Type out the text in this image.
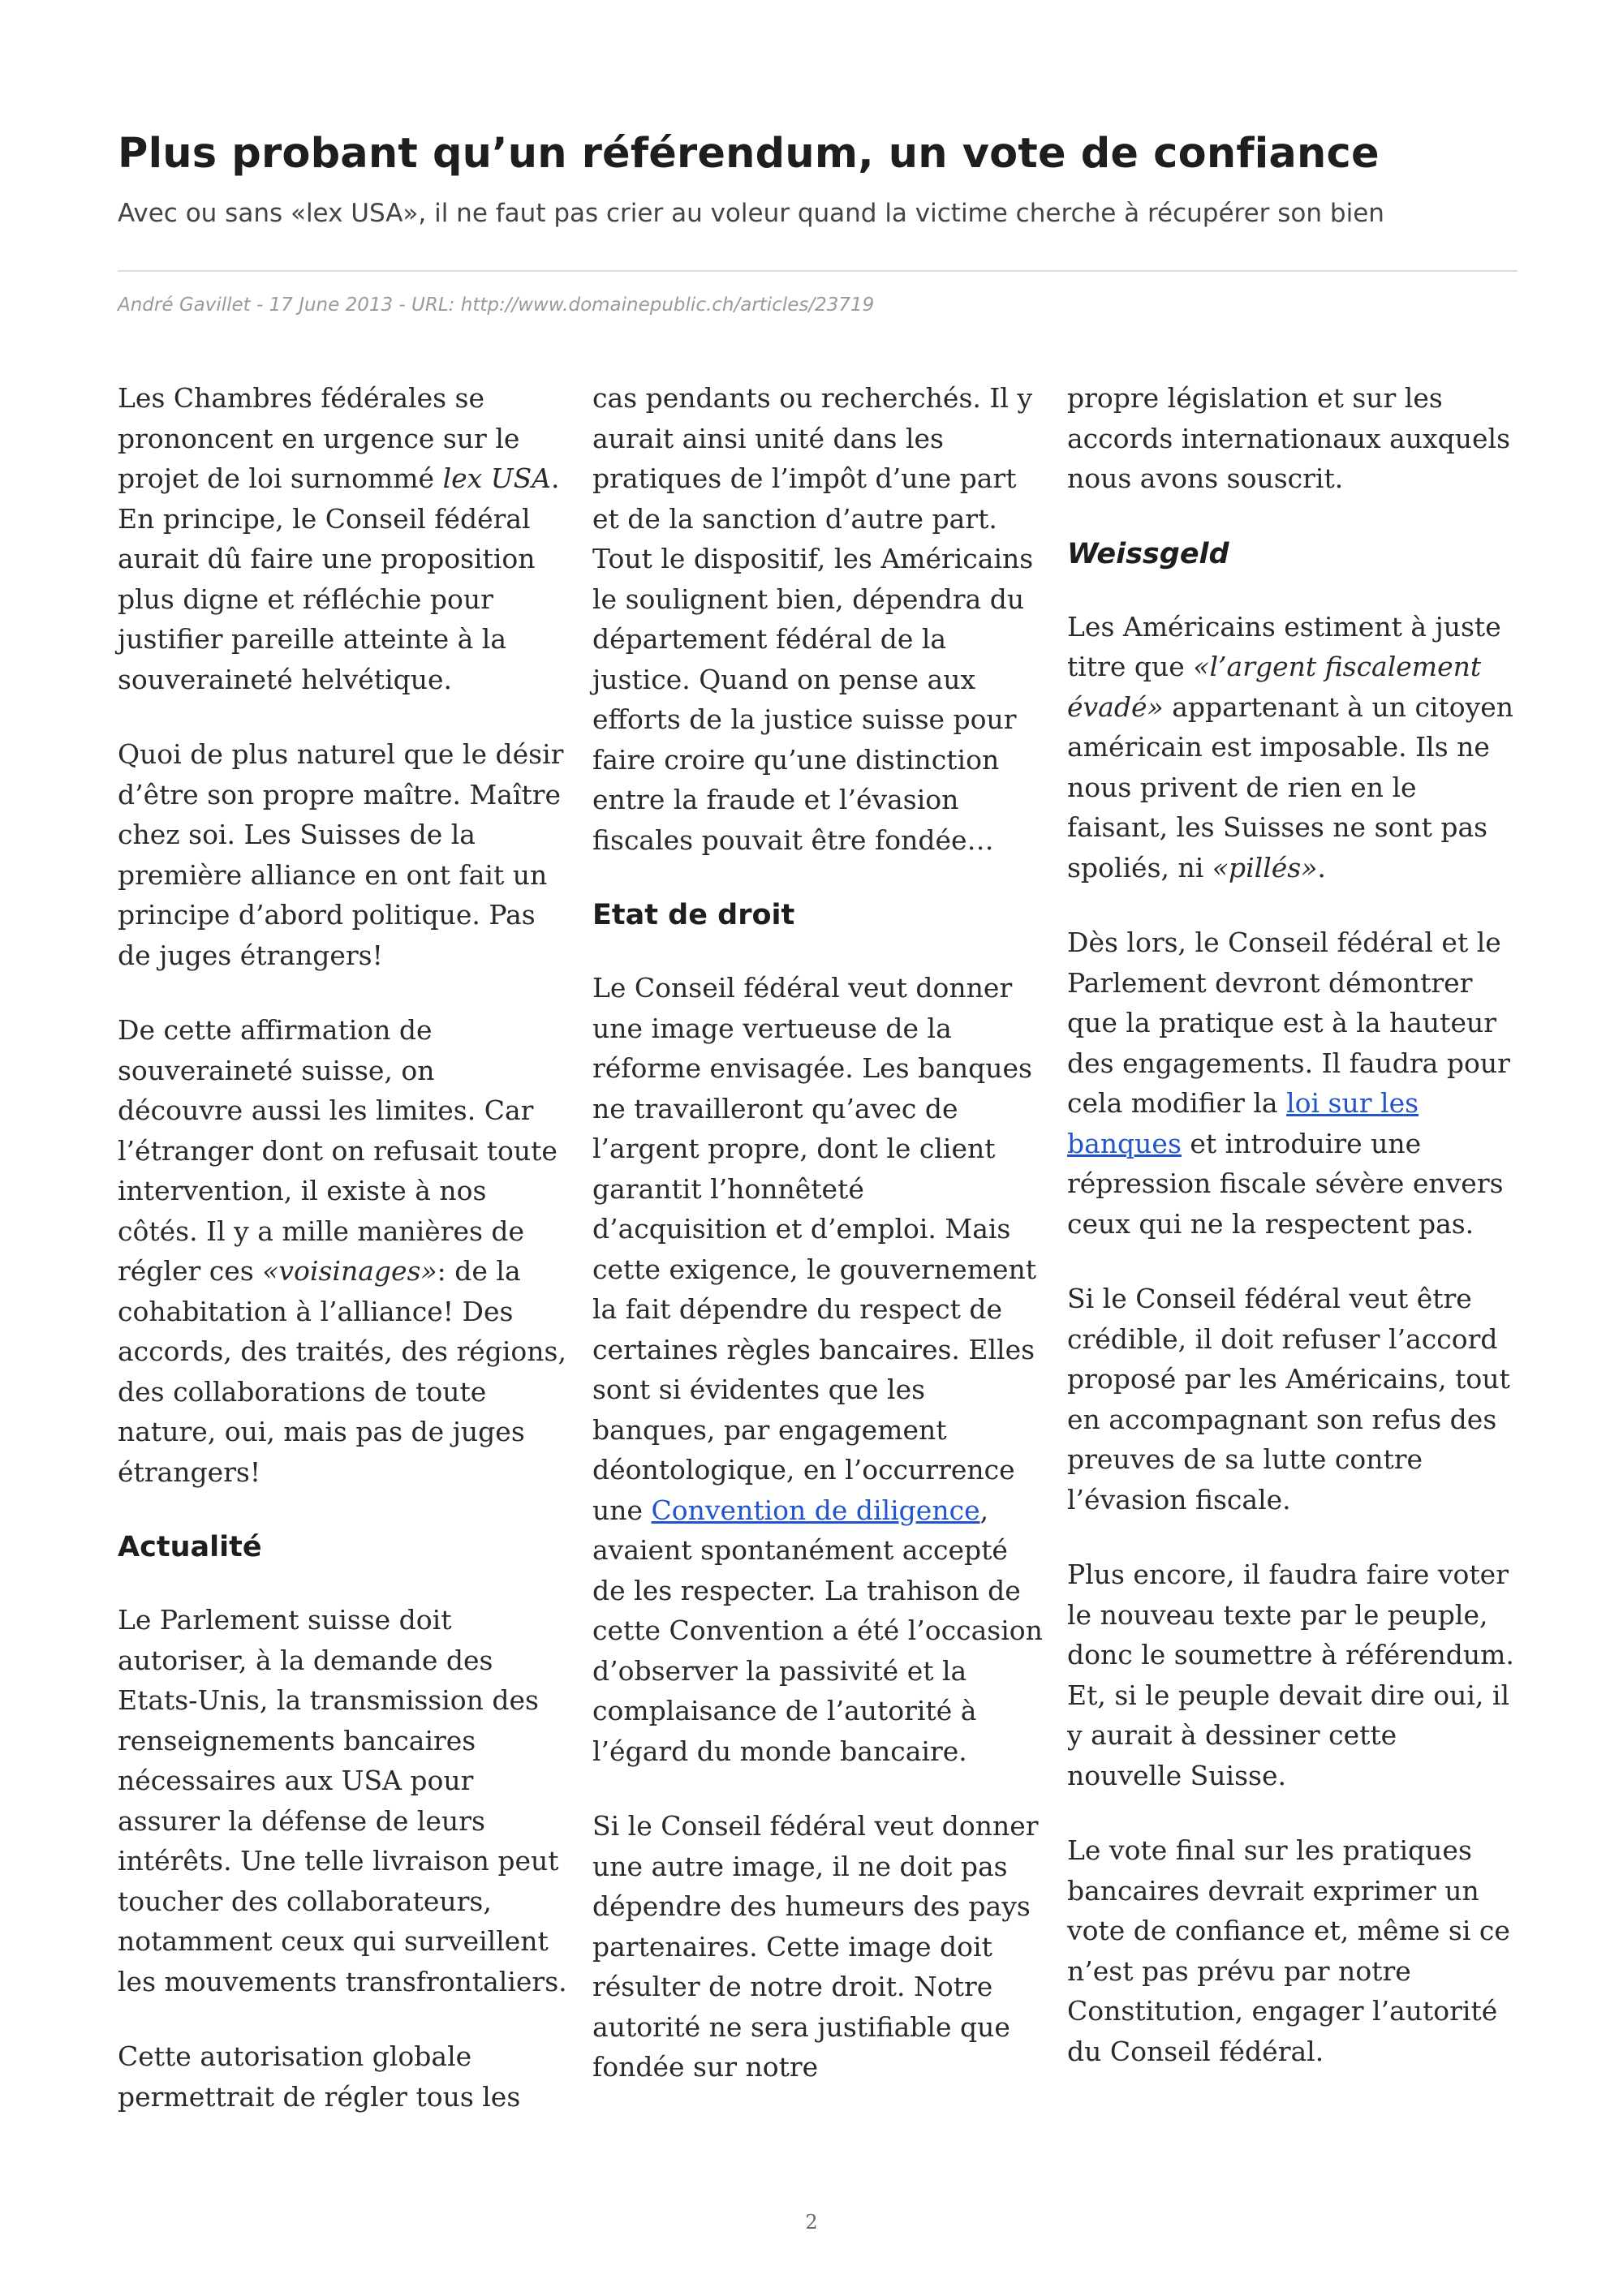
Plus probant qu’un référendum, un vote de confiance

Avec ou sans «lex USA», il ne faut pas crier au voleur quand la victime cherche à récupérer son bien

André Gavillet - 17 June 2013 - URL: http://www.domainepublic.ch/articles/23719

Les Chambres fédérales se prononcent en urgence sur le projet de loi surnommé lex USA. En principe, le Conseil fédéral aurait dû faire une proposition plus digne et réfléchie pour justifier pareille atteinte à la souveraineté helvétique.

Quoi de plus naturel que le désir d’être son propre maître. Maître chez soi. Les Suisses de la première alliance en ont fait un principe d’abord politique. Pas de juges étrangers!

De cette affirmation de souveraineté suisse, on découvre aussi les limites. Car l’étranger dont on refusait toute intervention, il existe à nos côtés. Il y a mille manières de régler ces «voisinages»: de la cohabitation à l’alliance! Des accords, des traités, des régions, des collaborations de toute nature, oui, mais pas de juges étrangers!

Actualité

Le Parlement suisse doit autoriser, à la demande des Etats-Unis, la transmission des renseignements bancaires nécessaires aux USA pour assurer la défense de leurs intérêts. Une telle livraison peut toucher des collaborateurs, notamment ceux qui surveillent les mouvements transfrontaliers.

Cette autorisation globale permettrait de régler tous les

cas pendants ou recherchés. Il y aurait ainsi unité dans les pratiques de l’impôt d’une part et de la sanction d’autre part. Tout le dispositif, les Américains le soulignent bien, dépendra du département fédéral de la justice. Quand on pense aux efforts de la justice suisse pour faire croire qu’une distinction entre la fraude et l’évasion fiscales pouvait être fondée…

Etat de droit

Le Conseil fédéral veut donner une image vertueuse de la réforme envisagée. Les banques ne travailleront qu’avec de l’argent propre, dont le client garantit l’honnêteté d’acquisition et d’emploi. Mais cette exigence, le gouvernement la fait dépendre du respect de certaines règles bancaires. Elles sont si évidentes que les banques, par engagement déontologique, en l’occurrence une Convention de diligence, avaient spontanément accepté de les respecter. La trahison de cette Convention a été l’occasion d’observer la passivité et la complaisance de l’autorité à l’égard du monde bancaire.

Si le Conseil fédéral veut donner une autre image, il ne doit pas dépendre des humeurs des pays partenaires. Cette image doit résulter de notre droit. Notre autorité ne sera justifiable que fondée sur notre

propre législation et sur les accords internationaux auxquels nous avons souscrit.

Weissgeld

Les Américains estiment à juste titre que «l’argent fiscalement évadé» appartenant à un citoyen américain est imposable. Ils ne nous privent de rien en le faisant, les Suisses ne sont pas spoliés, ni «pillés».

Dès lors, le Conseil fédéral et le Parlement devront démontrer que la pratique est à la hauteur des engagements. Il faudra pour cela modifier la loi sur les banques et introduire une répression fiscale sévère envers ceux qui ne la respectent pas.

Si le Conseil fédéral veut être crédible, il doit refuser l’accord proposé par les Américains, tout en accompagnant son refus des preuves de sa lutte contre l’évasion fiscale.

Plus encore, il faudra faire voter le nouveau texte par le peuple, donc le soumettre à référendum. Et, si le peuple devait dire oui, il y aurait à dessiner cette nouvelle Suisse.

Le vote final sur les pratiques bancaires devrait exprimer un vote de confiance et, même si ce n’est pas prévu par notre Constitution, engager l’autorité du Conseil fédéral.

2
